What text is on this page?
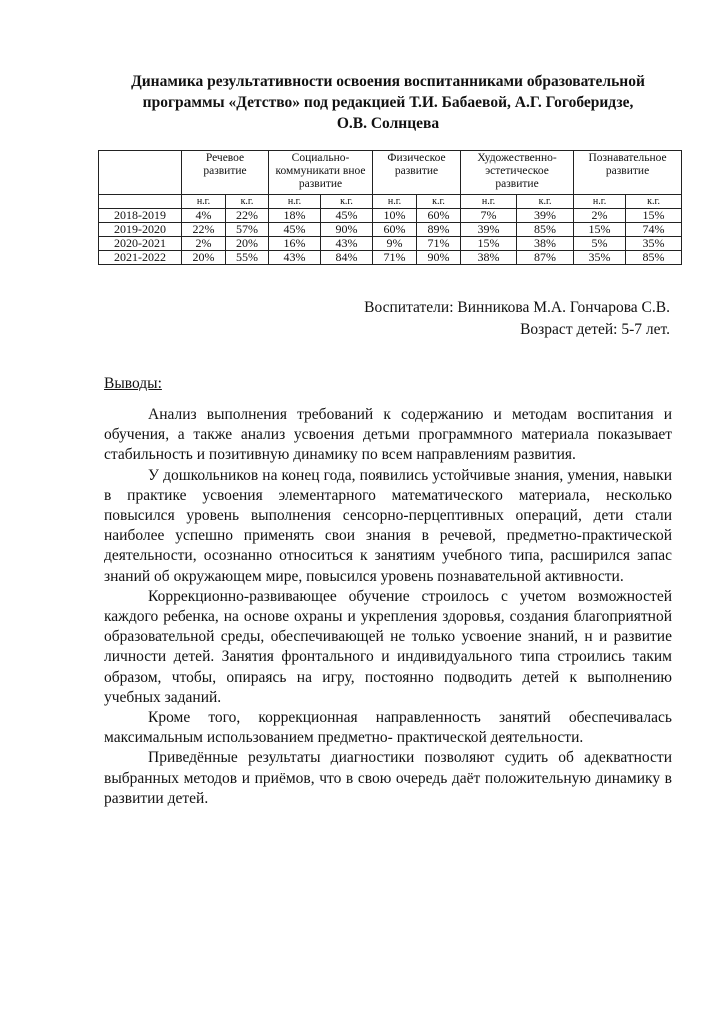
Динамика результативности освоения воспитанниками образовательной
программы «Детство» под редакцией Т.И. Бабаевой, А.Г. Гогоберидзе,
О.В. Солнцева
	Речевое развитие		Социально-коммуникати вное развитие		Физическое развитие		Художественно-эстетическое развитие		Познавательное развитие	
	н.г.	к.г.	н.г.	к.г.	н.г.	к.г.	н.г.	к.г.	н.г.	к.г.
2018-2019	4%	22%	18%	45%	10%	60%	7%	39%	2%	15%
2019-2020	22%	57%	45%	90%	60%	89%	39%	85%	15%	74%
2020-2021	2%	20%	16%	43%	9%	71%	15%	38%	5%	35%
2021-2022	20%	55%	43%	84%	71%	90%	38%	87%	35%	85%
Воспитатели: Винникова М.А. Гончарова С.В.
Возраст детей: 5-7 лет.
Выводы:

Анализ выполнения требований к содержанию и методам воспитания и обучения, а также анализ усвоения детьми программного материала показывает стабильность и позитивную динамику по всем направлениям развития.

У дошкольников на конец года, появились устойчивые знания, умения, навыки в практике усвоения элементарного математического материала, несколько повысился уровень выполнения сенсорно-перцептивных операций, дети стали наиболее успешно применять свои знания в речевой, предметно-практической деятельности, осознанно относиться к занятиям учебного типа, расширился запас знаний об окружающем мире, повысился уровень познавательной активности.

Коррекционно-развивающее обучение строилось с учетом возможностей каждого ребенка, на основе охраны и укрепления здоровья, создания благоприятной образовательной среды, обеспечивающей не только усвоение знаний, н и развитие личности детей. Занятия фронтального и индивидуального типа строились таким образом, чтобы, опираясь на игру, постоянно подводить детей к выполнению учебных заданий.

Кроме того, коррекционная направленность занятий обеспечивалась максимальным использованием предметно- практической деятельности.

Приведённые результаты диагностики позволяют судить об адекватности выбранных методов и приёмов, что в свою очередь даёт положительную динамику в развитии детей.
